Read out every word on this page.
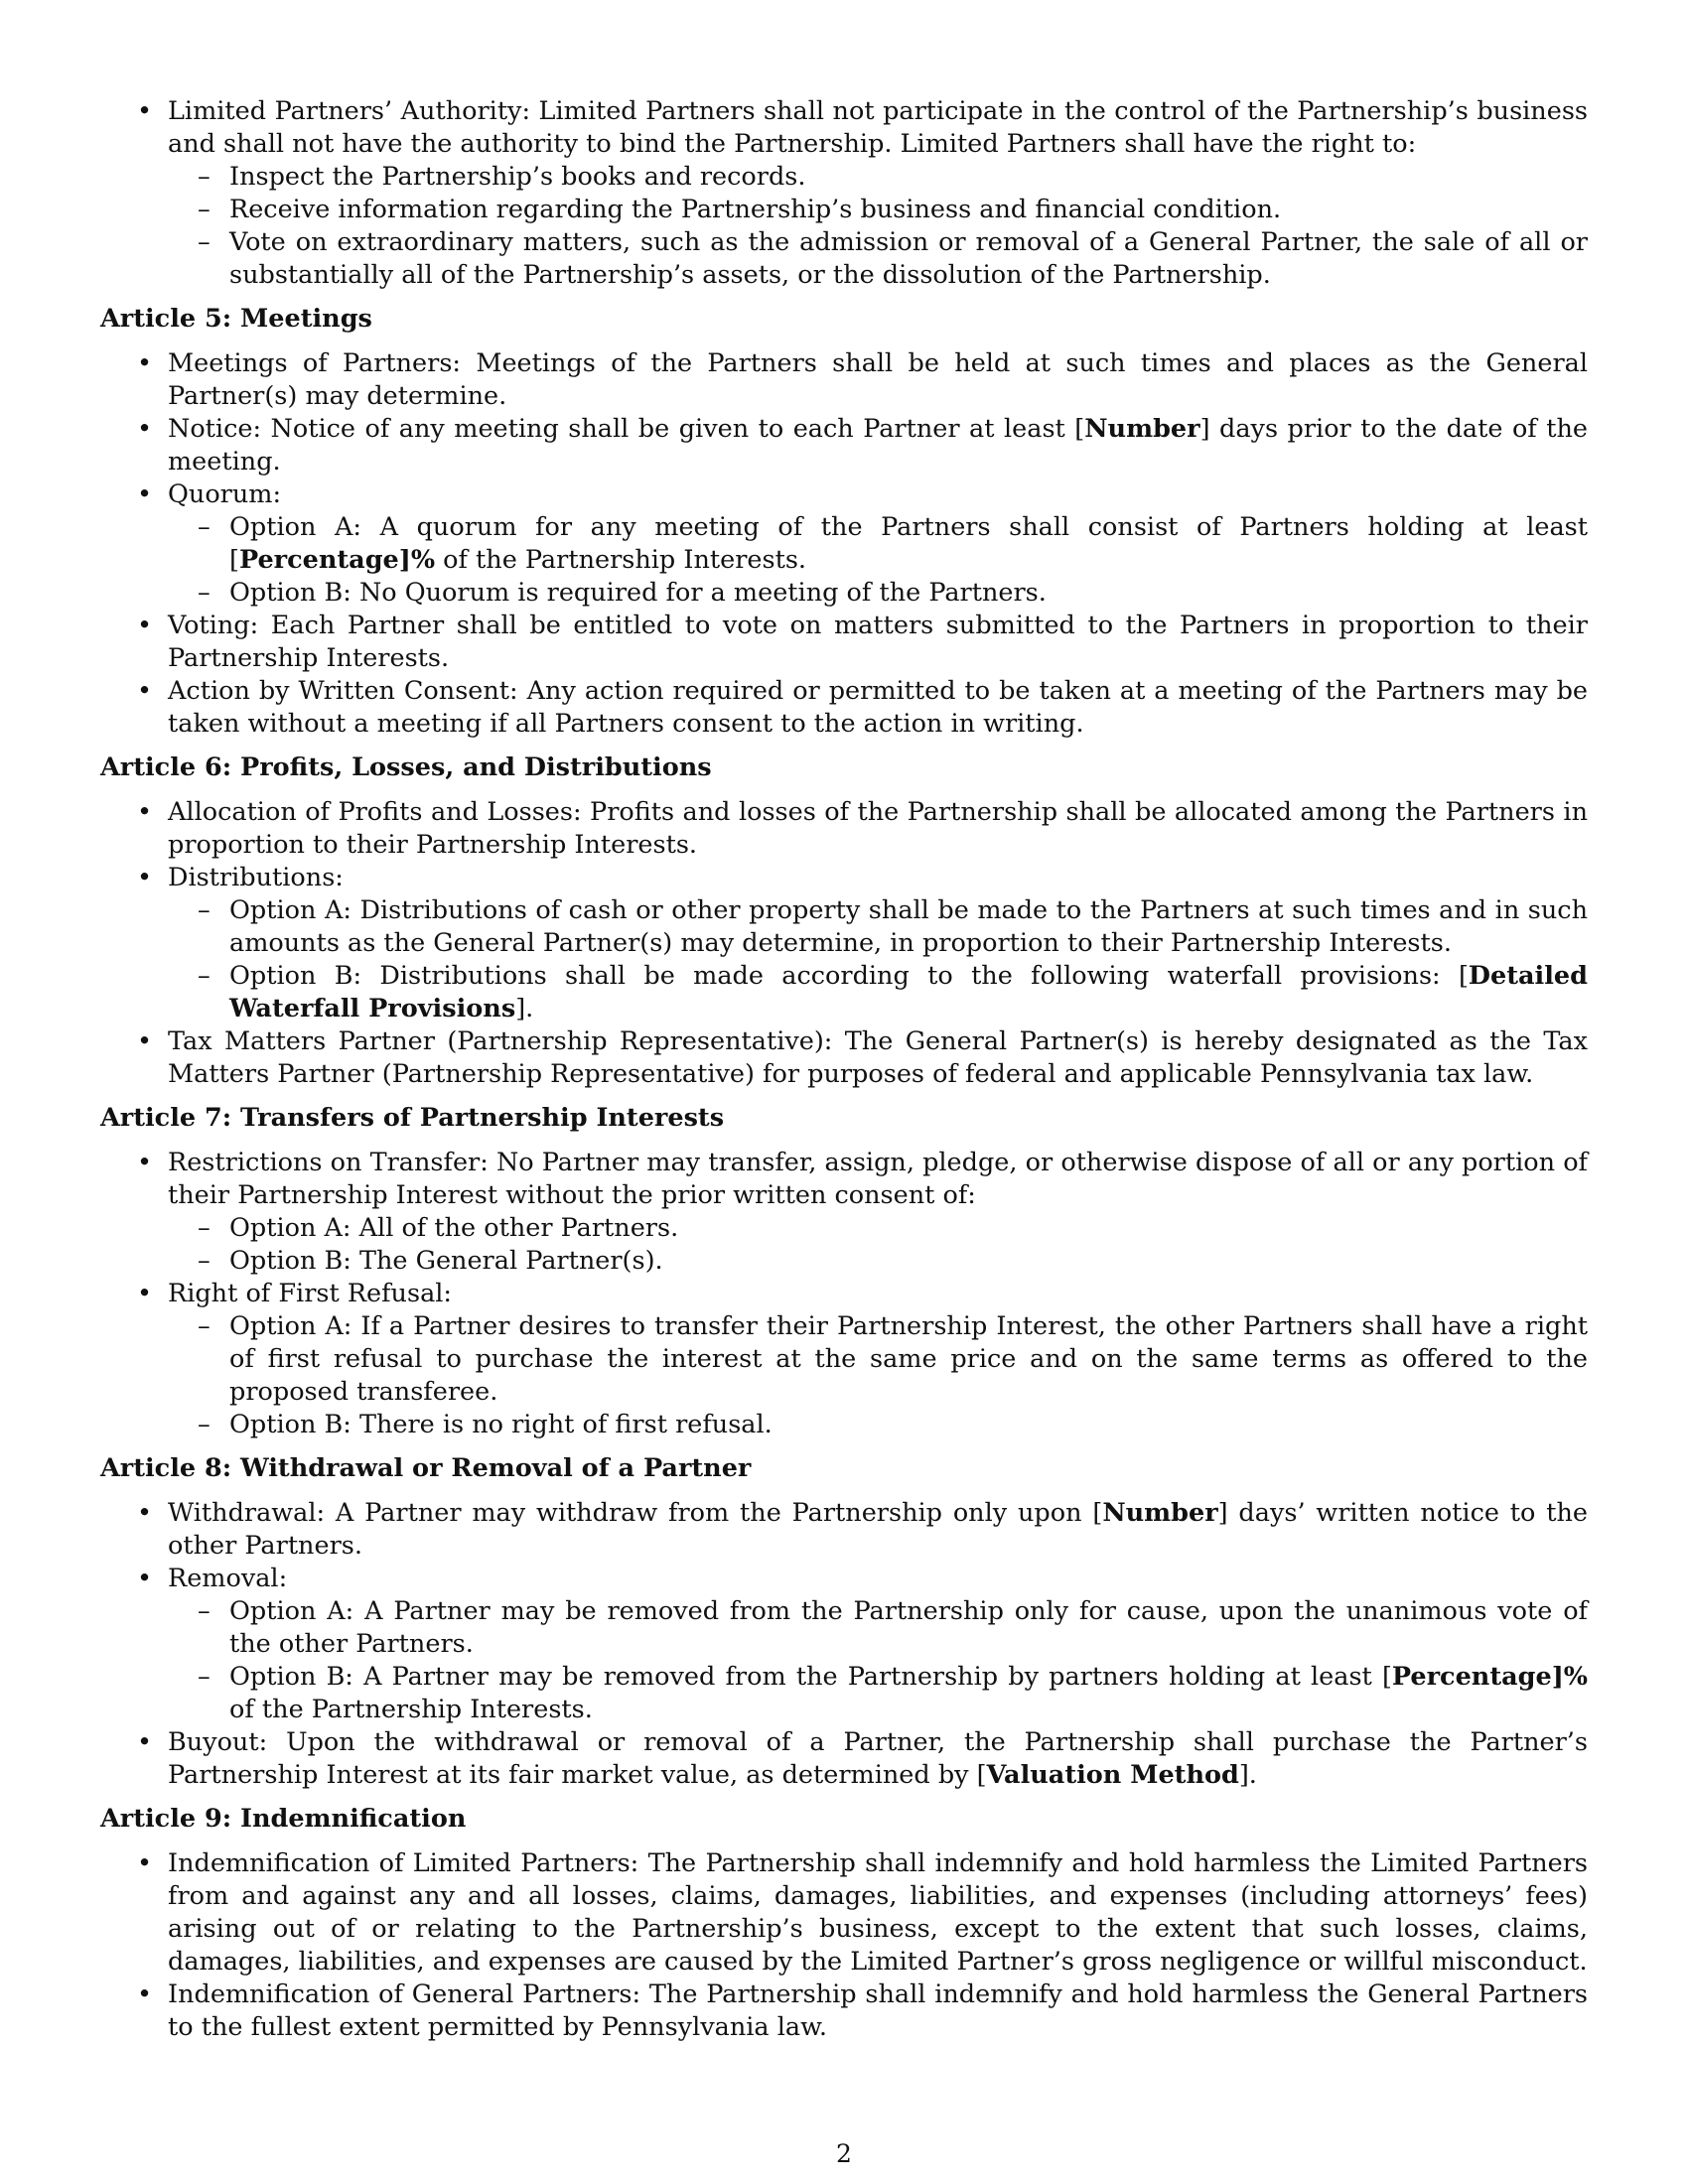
• Limited Partners’ Authority: Limited Partners shall not participate in the control of the Partnership’s business and shall not have the authority to bind the Partnership. Limited Partners shall have the right to:
– Inspect the Partnership’s books and records.
– Receive information regarding the Partnership’s business and financial condition.
– Vote on extraordinary matters, such as the admission or removal of a General Partner, the sale of all or substantially all of the Partnership’s assets, or the dissolution of the Partnership.
Article 5: Meetings
• Meetings of Partners: Meetings of the Partners shall be held at such times and places as the General Partner(s) may determine.
• Notice: Notice of any meeting shall be given to each Partner at least [Number] days prior to the date of the meeting.
• Quorum:
– Option A: A quorum for any meeting of the Partners shall consist of Partners holding at least [Percentage]% of the Partnership Interests.
– Option B: No Quorum is required for a meeting of the Partners.
• Voting: Each Partner shall be entitled to vote on matters submitted to the Partners in proportion to their Partnership Interests.
• Action by Written Consent: Any action required or permitted to be taken at a meeting of the Partners may be taken without a meeting if all Partners consent to the action in writing.
Article 6: Profits, Losses, and Distributions
• Allocation of Profits and Losses: Profits and losses of the Partnership shall be allocated among the Partners in proportion to their Partnership Interests.
• Distributions:
– Option A: Distributions of cash or other property shall be made to the Partners at such times and in such amounts as the General Partner(s) may determine, in proportion to their Partnership Interests.
– Option B: Distributions shall be made according to the following waterfall provisions: [Detailed Waterfall Provisions].
• Tax Matters Partner (Partnership Representative): The General Partner(s) is hereby designated as the Tax Matters Partner (Partnership Representative) for purposes of federal and applicable Pennsylvania tax law.
Article 7: Transfers of Partnership Interests
• Restrictions on Transfer: No Partner may transfer, assign, pledge, or otherwise dispose of all or any portion of their Partnership Interest without the prior written consent of:
– Option A: All of the other Partners.
– Option B: The General Partner(s).
• Right of First Refusal:
– Option A: If a Partner desires to transfer their Partnership Interest, the other Partners shall have a right of first refusal to purchase the interest at the same price and on the same terms as offered to the proposed transferee.
– Option B: There is no right of first refusal.
Article 8: Withdrawal or Removal of a Partner
• Withdrawal: A Partner may withdraw from the Partnership only upon [Number] days’ written notice to the other Partners.
• Removal:
– Option A: A Partner may be removed from the Partnership only for cause, upon the unanimous vote of the other Partners.
– Option B: A Partner may be removed from the Partnership by partners holding at least [Percentage]% of the Partnership Interests.
• Buyout: Upon the withdrawal or removal of a Partner, the Partnership shall purchase the Partner’s Partnership Interest at its fair market value, as determined by [Valuation Method].
Article 9: Indemnification
• Indemnification of Limited Partners: The Partnership shall indemnify and hold harmless the Limited Partners from and against any and all losses, claims, damages, liabilities, and expenses (including attorneys’ fees) arising out of or relating to the Partnership’s business, except to the extent that such losses, claims, damages, liabilities, and expenses are caused by the Limited Partner’s gross negligence or willful misconduct.
• Indemnification of General Partners: The Partnership shall indemnify and hold harmless the General Partners to the fullest extent permitted by Pennsylvania law.
2
